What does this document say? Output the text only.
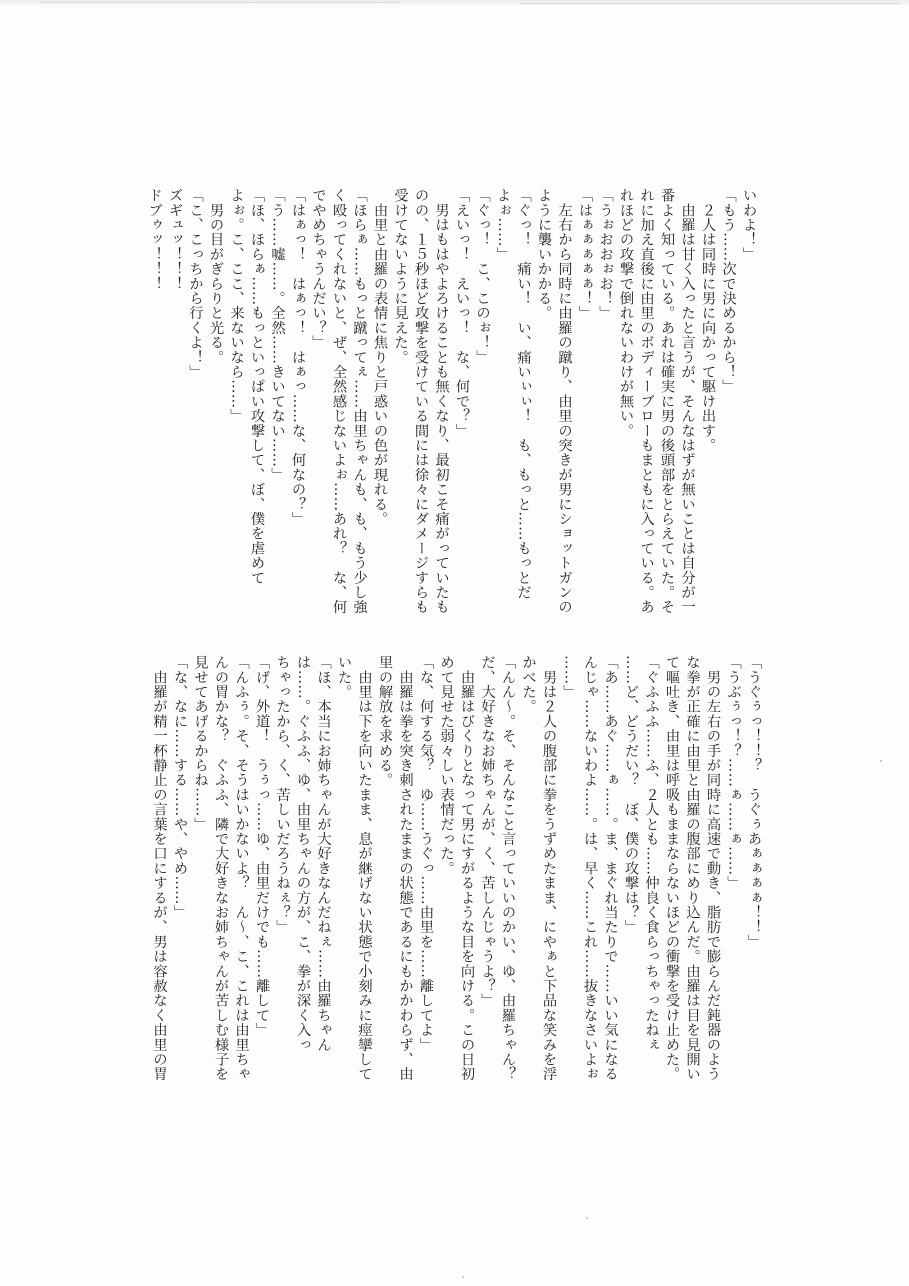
いわよ！」
「もう……次で決めるから！」
　２人は同時に男に向かって駆け出す。
　由羅は甘く入ったと言うが、そんなはずが無いことは自分が一
番よく知っている。あれは確実に男の後頭部をとらえていた。そ
れに加え直後に由里のボディーブローもまともに入っている。あ
れほどの攻撃で倒れないわけが無い。
「うぉおおぉお！」
「はぁぁぁぁぁ！」
　左右から同時に由羅の蹴り、由里の突きが男にショットガンの
ように襲いかかる。
「ぐっ！　痛い！　い、痛いぃぃ！　も、もっと……もっとだ
よぉ……」
「ぐっ！　こ、このぉ！」
「えいっ！　えいっ！　な、何で？」
　男はもはやよろけることも無くなり、最初こそ痛がっていたも
のの、１５秒ほど攻撃を受けている間には徐々にダメージすらも
受けてないように見えた。
　由里と由羅の表情に焦りと戸惑いの色が現れる。
「ほらぁ……もっと蹴ってぇ……由里ちゃんも、も、もう少し強
く殴ってくれないと、ぜ、全然感じないよぉ……あれ？　な、何
でやめちゃうんだい？」
「はぁっ！　はぁっ！　はぁっ……な、何なの？」
「う……嘘……。全然……きいてない……」
「ほ、ほらぁ……もっといっぱい攻撃して、ぼ、僕を虐めて
よぉ。こ、ここ、来ないなら……」
　男の目がぎらりと光る。
「こ、こっちから行くよ！」
ズギュッ！！！
ドブゥッ！！！
「うぐぅっ！！？　うぐぅあぁぁぁぁ！！」
「うぶぅっ！？……ぁ……ぁ……」
　男の左右の手が同時に高速で動き、脂肪で膨らんだ鈍器のよう
な拳が正確に由里と由羅の腹部にめり込んだ。由羅は目を見開い
て嘔吐き、由里は呼吸もままならないほどの衝撃を受け止めた。
「ぐふふふ……ふ、２人とも……仲良く食らっちゃったねぇ
……ど、どうだい？　ぼ、僕の攻撃は？」
「あ……あぐ……ぁ……。ま、まぐれ当たりで……いい気になる
んじゃ……ないわよ……。は、早く……これ……抜きなさいよぉ
……」
　男は２人の腹部に拳をうずめたまま、にやぁと下品な笑みを浮
かべた。
「んん～。そ、そんなこと言っていいのかい、ゆ、由羅ちゃん？
だ、大好きなお姉ちゃんが、く、苦しんじゃうよ？」
　由羅はびくりとなって男にすがるような目を向ける。この日初
めて見せた弱々しい表情だった。
「な、何する気？　ゆ……うぐっ……由里を……離してよ」
　由羅は拳を突き刺されたままの状態であるにもかかわらず、由
里の解放を求める。
　由里は下を向いたまま、息が継げない状態で小刻みに痙攣して
いた。
「ほ、本当にお姉ちゃんが大好きなんだねぇ……由羅ちゃん
は……。ぐふふ、ゆ、由里ちゃんの方が、こ、拳が深く入っ
ちゃったから、く、苦しいだろうねぇ？」
「げ、外道！　うぅっ……ゆ、由里だけでも……離して」
「んふぅ。そ、そうはいかないよ？　ん～、こ、これは由里ちゃ
んの胃かな？　ぐふふ、隣で大好きなお姉ちゃんが苦しむ様子を
見せてあげるからね……」
「な、なに……する……や、やめ……」
　由羅が精一杯静止の言葉を口にするが、男は容赦なく由里の胃
